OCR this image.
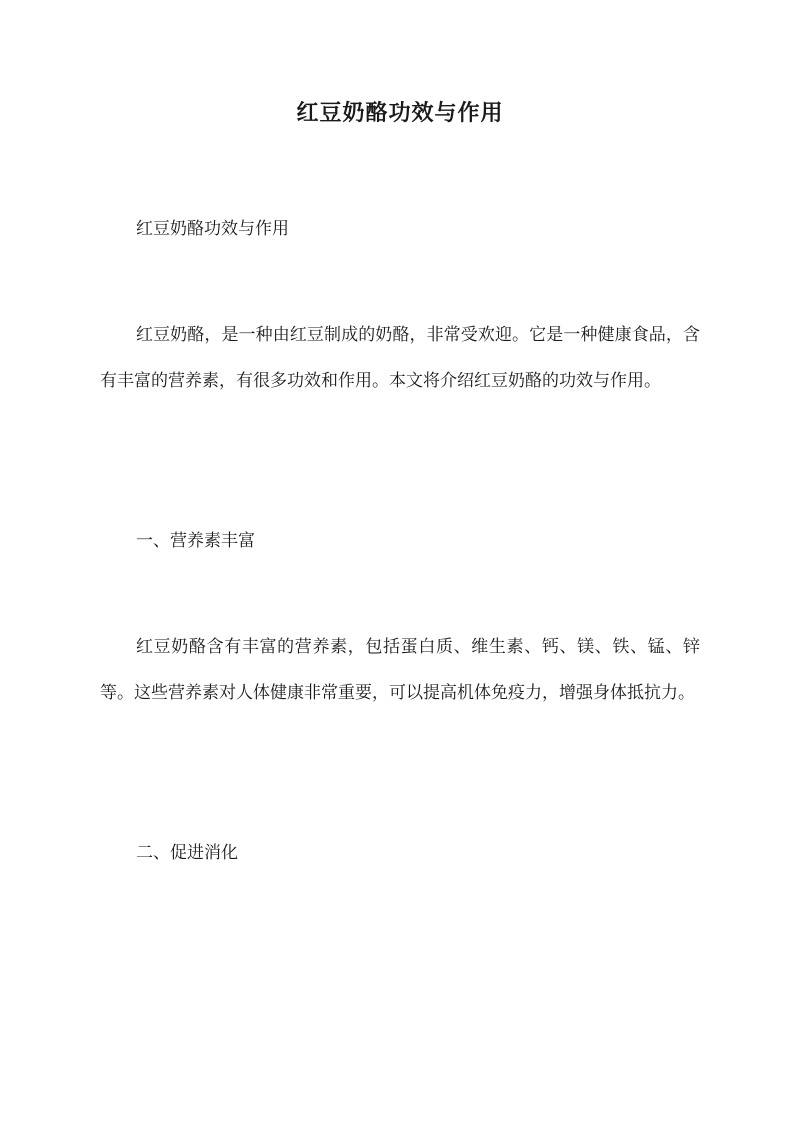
红豆奶酪功效与作用
红豆奶酪功效与作用
红豆奶酪，是一种由红豆制成的奶酪，非常受欢迎。它是一种健康食品，含有丰富的营养素，有很多功效和作用。本文将介绍红豆奶酪的功效与作用。
一、营养素丰富
红豆奶酪含有丰富的营养素，包括蛋白质、维生素、钙、镁、铁、锰、锌等。这些营养素对人体健康非常重要，可以提高机体免疫力，增强身体抵抗力。
二、促进消化
